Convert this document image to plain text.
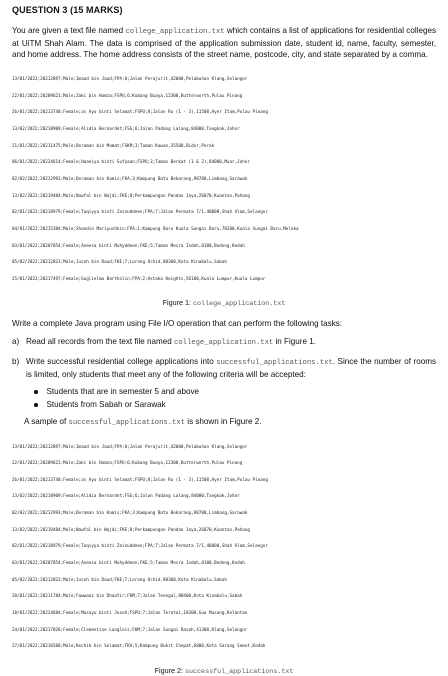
QUESTION 3 (15 MARKS)

You are given a text file named college_application.txt which contains a list of applications for residential colleges at UiTM Shah Alam. The data is comprised of the application submission date, student id, name, faculty, semester, and home address. The home address consists of the street name, postcode, city, and state separated by a comma.

13/01/2022;20212897;Male;Imaad bin Jaad;FPA;8;Jalan Perajurit,42000,Pelabuhan Klang,Selangor

22/01/2022;20209621;Male;Zaki bin Hamza;FSPU;6;Kubang Buaya,12300,Butterworth,Pulau Pinang

26/01/2022;20213748;Female;as Ayu binti Selamat;FSPU;8;Jalan Ru (1 - 3),11500,Ayer Itam,Pulau Pinang

13/02/2022;20218909;Female;Alidia Bernardet;FSG;6;Jalan Padang Lalang,84000,Tangkak,Johor

21/01/2022;20211475;Male;Deraman bin Mamat;FSKM;3;Taman Kawan,35500,Bidor,Perak

06/01/2022;20224614;Female;Haaniya binti Sufyaan;FSPU;3;Taman Berkat (1 & 2),84000,Muar,Johor

02/02/2022;20212993;Male;Deraman bin Kamis;FKA;3;Kampung Batu Bekarang,98700,Limbang,Sarawak

13/02/2022;20219484;Male;Nawfal bin Wajdi;FKE;8;Perkampungan Pandan Jaya,26070,Kuantan,Pahang

02/01/2022;20218979;Female;Taqiyya binti Zainuddeen;FPA;7;Jalan Permata 7/1,40000,Shah Alam,Selangor

04/01/2022;20215384;Male;Shandie Mariyushkin;FPA;1;Kampung Baru Kuala Sungai Baru,78200,Kuala Sungai Baru,Melaka

03/01/2022;20207854;Female;Aneesa binti Muhyddeen;FKE;5;Taman Mesra Indah,8100,Bedong,Kedah

05/02/2022;20212823;Male;Jusoh bin Daud;FKE;7;Lorong Orkid,88300,Kota Kinabalu,Sabah

25/01/2022;20217497;Female;Guglielma Bartholin;FPA;2;Astaka Heights,56100,Kuala Lumpur,Kuala Lumpur

Figure 1: college_application.txt

Write a complete Java program using File I/O operation that can perform the following tasks:

a) Read all records from the text file named college_application.txt in Figure 1.
b) Write successful residential college applications into successful_applications.txt. Since the number of rooms is limited, only students that meet any of the following criteria will be accepted:
Students that are in semester 5 and above
Students from Sabah or Sarawak

A sample of successful_applications.txt is shown in Figure 2.

13/01/2022;20212897;Male;Imaad bin Jaad;FPA;8;Jalan Perajurit,42000,Pelabuhan Klang,Selangor

22/01/2022;20209621;Male;Zaki bin Hamza;FSPU;6;Kubang Buaya,12300,Butterworth,Pulau Pinang

26/01/2022;20213748;Female;as Ayu binti Selamat;FSPU;8;Jalan Ru (1 - 3),11500,Ayer Itam,Pulau Pinang

13/02/2022;20218909;Female;Alidia Bernardet;FSG;6;Jalan Padang Lalang,84000,Tangkak,Johor

02/02/2022;20212993;Male;Deraman bin Kamis;FKA;3;Kampung Batu Bekarang,98700,Limbang,Sarawak

13/02/2022;20219484;Male;Nawfal bin Wajdi;FKE;8;Perkampungan Pandan Jaya,26070,Kuantan,Pahang

02/01/2022;20218979;Female;Taqiyya binti Zainuddeen;FPA;7;Jalan Permata 7/1,40000,Shah Alam,Selangor

03/01/2022;20207854;Female;Aneesa binti Muhyddeen;FKE;5;Taman Mesra Indah,8100,Bedong,Kedah

05/02/2022;20212823;Male;Jusoh bin Daud;FKE;7;Lorong Orkid,88300,Kota Kinabalu,Sabah

20/01/2022;20211784;Male;Fawwaaz bin Dhaafir;FKM;7;Jalan Tenegal,88400,Kota Kinabalu,Sabah

18/01/2022;20224684;Female;Masayu binti Jusoh;FSPU;7;Jalan Teratai,18300,Gua Musang,Kelantan

24/01/2022;20217820;Female;Clementine Langlois;FKM;7;Jalan Sungai Rasah,41300,Klang,Selangor

27/01/2022;20216500;Male;Kechik bin Selamat;FKA;5;Kampung Bukit Chepat,6800,Kota Sarang Semut,Kedah

Figure 2: successful_applications.txt
